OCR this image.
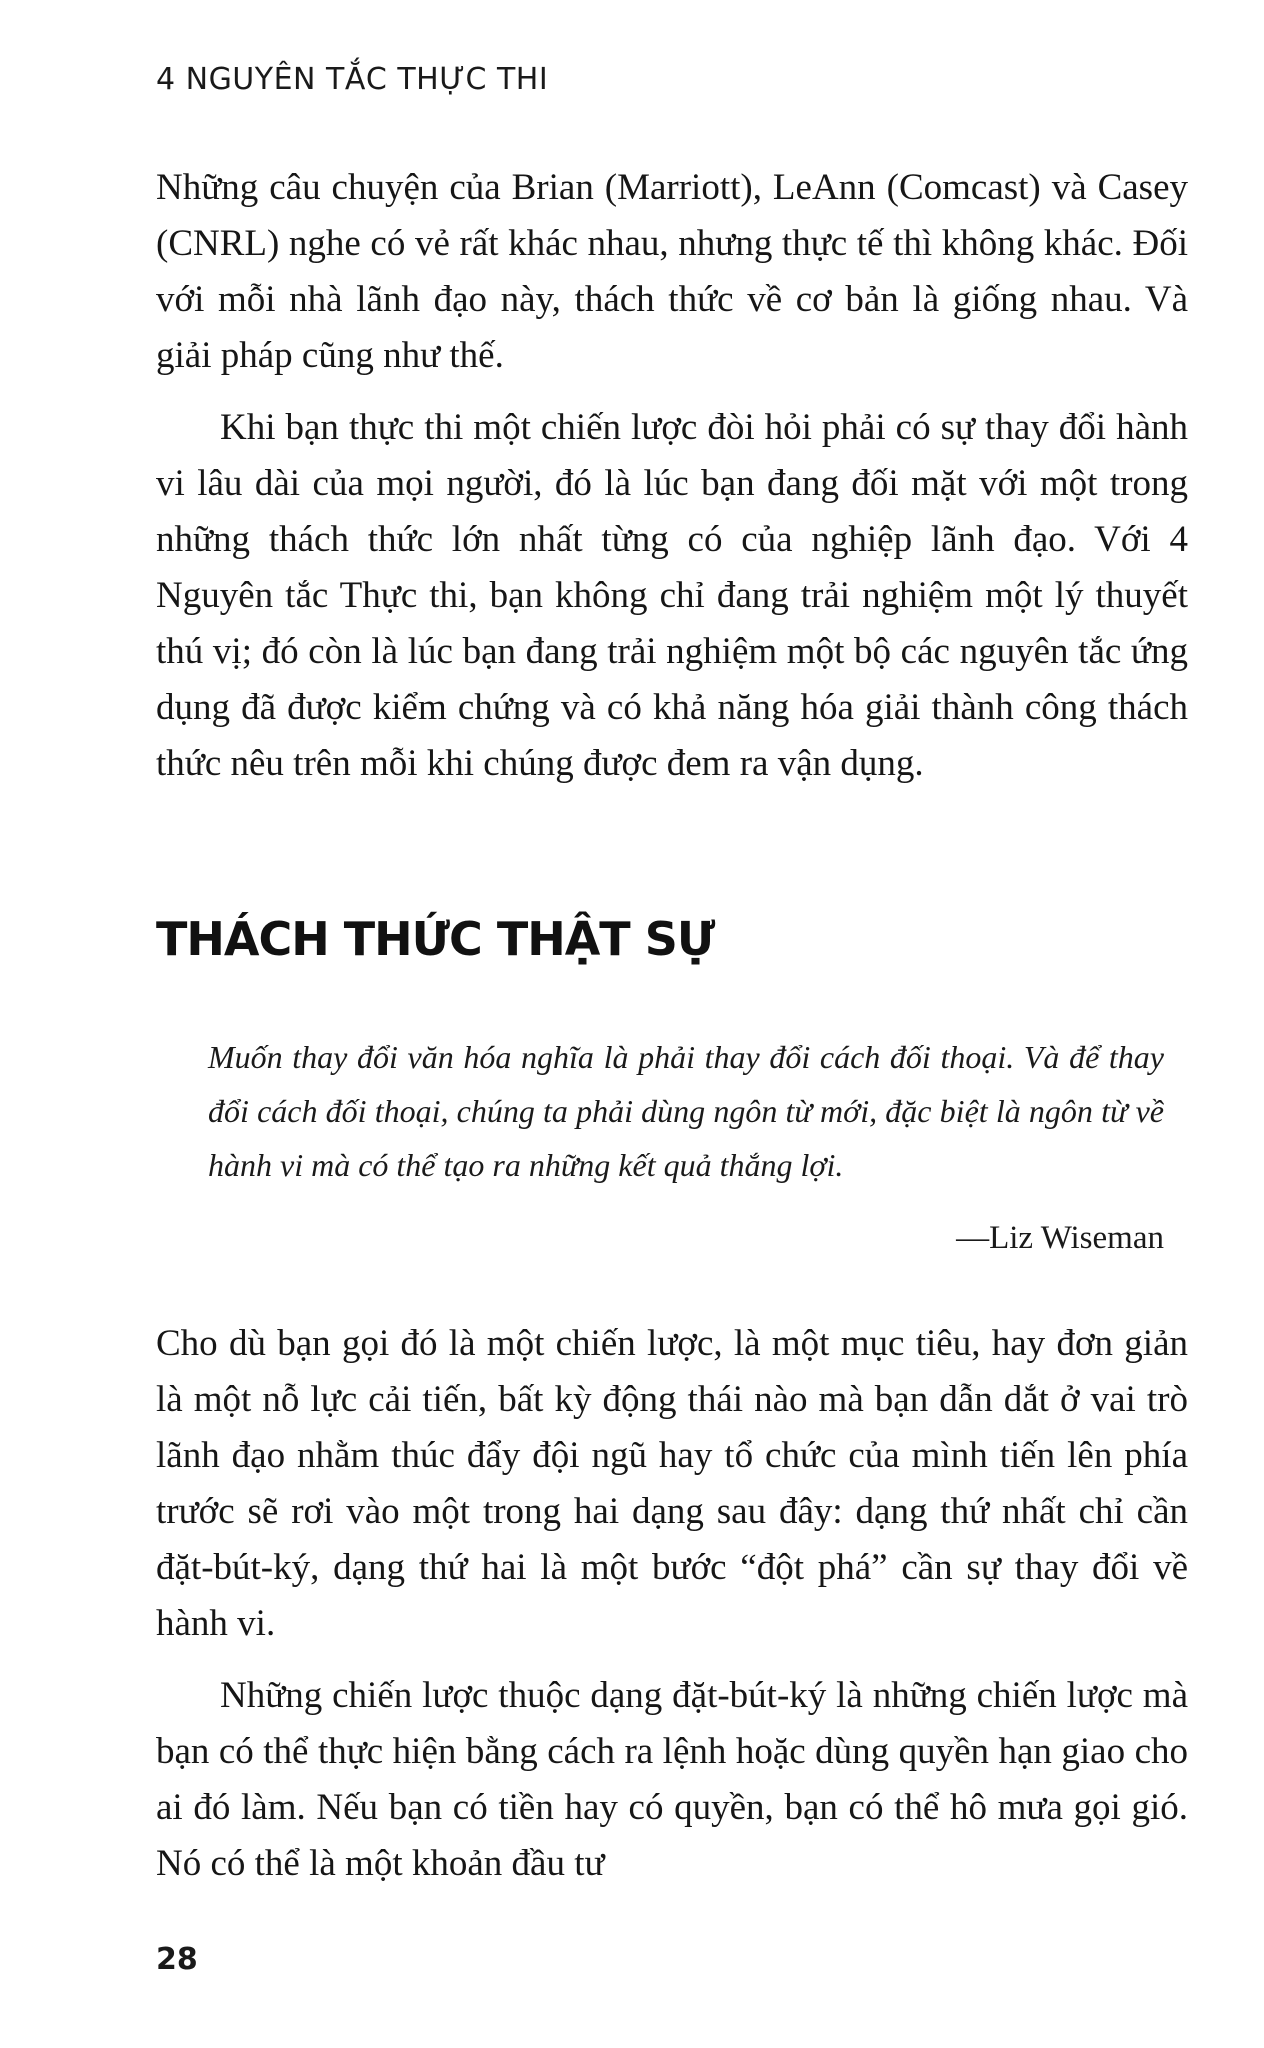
4 NGUYÊN TẮC THỰC THI

Những câu chuyện của Brian (Marriott), LeAnn (Comcast) và Casey (CNRL) nghe có vẻ rất khác nhau, nhưng thực tế thì không khác. Đối với mỗi nhà lãnh đạo này, thách thức về cơ bản là giống nhau. Và giải pháp cũng như thế.

Khi bạn thực thi một chiến lược đòi hỏi phải có sự thay đổi hành vi lâu dài của mọi người, đó là lúc bạn đang đối mặt với một trong những thách thức lớn nhất từng có của nghiệp lãnh đạo. Với 4 Nguyên tắc Thực thi, bạn không chỉ đang trải nghiệm một lý thuyết thú vị; đó còn là lúc bạn đang trải nghiệm một bộ các nguyên tắc ứng dụng đã được kiểm chứng và có khả năng hóa giải thành công thách thức nêu trên mỗi khi chúng được đem ra vận dụng.

THÁCH THỨC THẬT SỰ

Muốn thay đổi văn hóa nghĩa là phải thay đổi cách đối thoại. Và để thay đổi cách đối thoại, chúng ta phải dùng ngôn từ mới, đặc biệt là ngôn từ về hành vi mà có thể tạo ra những kết quả thắng lợi.

—Liz Wiseman

Cho dù bạn gọi đó là một chiến lược, là một mục tiêu, hay đơn giản là một nỗ lực cải tiến, bất kỳ động thái nào mà bạn dẫn dắt ở vai trò lãnh đạo nhằm thúc đẩy đội ngũ hay tổ chức của mình tiến lên phía trước sẽ rơi vào một trong hai dạng sau đây: dạng thứ nhất chỉ cần đặt-bút-ký, dạng thứ hai là một bước “đột phá” cần sự thay đổi về hành vi.

Những chiến lược thuộc dạng đặt-bút-ký là những chiến lược mà bạn có thể thực hiện bằng cách ra lệnh hoặc dùng quyền hạn giao cho ai đó làm. Nếu bạn có tiền hay có quyền, bạn có thể hô mưa gọi gió. Nó có thể là một khoản đầu tư

28
